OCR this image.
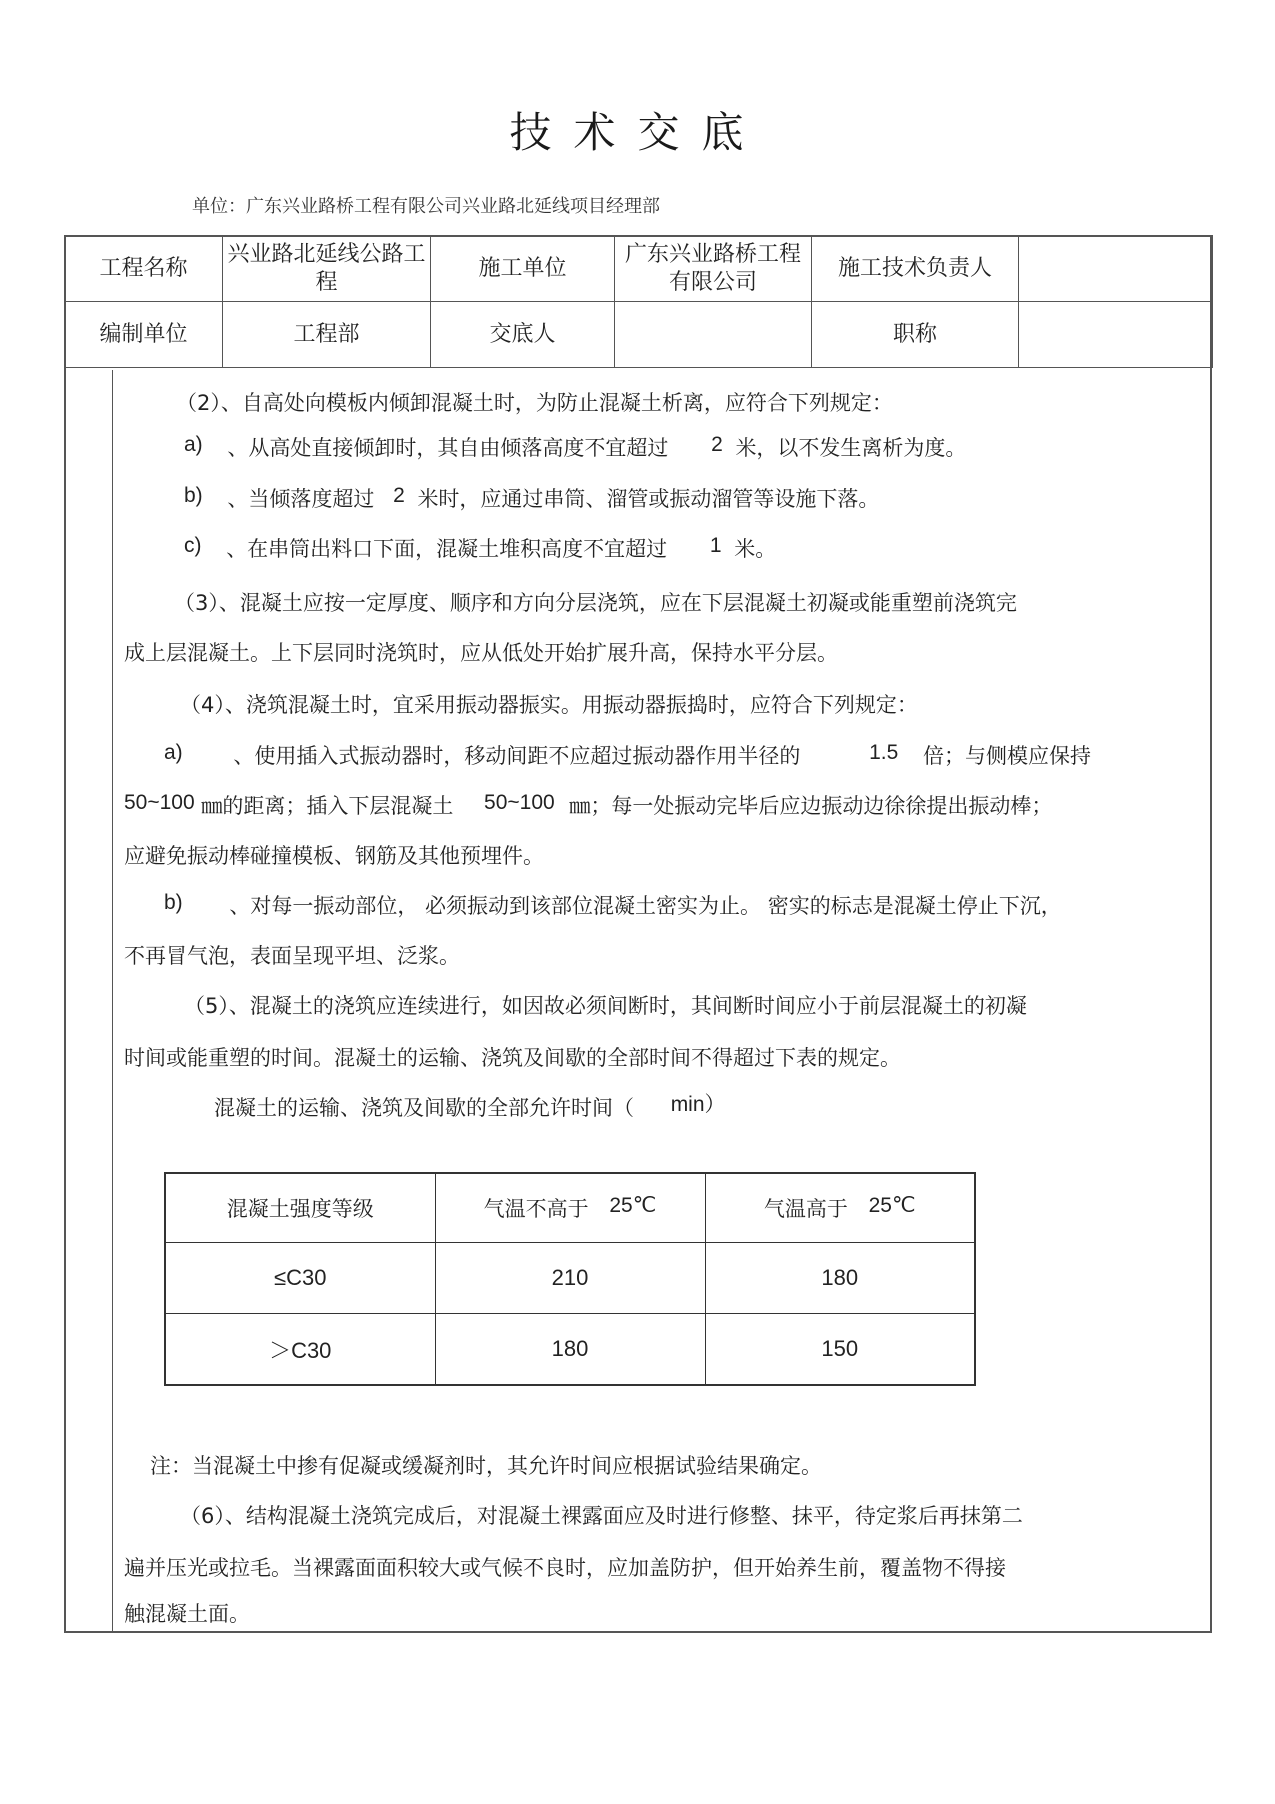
技术交底
单位：广东兴业路桥工程有限公司兴业路北延线项目经理部
工程名称	兴业路北延线公路工程	施工单位	广东兴业路桥工程有限公司	施工技术负责人	
编制单位	工程部	交底人		职称	
（2）、自高处向模板内倾卸混凝土时，为防止混凝土析离，应符合下列规定：
a) 、从高处直接倾卸时，其自由倾落高度不宜超过 2 米，以不发生离析为度。
b) 、当倾落度超过 2 米时，应通过串筒、溜管或振动溜管等设施下落。
c) 、在串筒出料口下面，混凝土堆积高度不宜超过 1 米。
（3）、混凝土应按一定厚度、顺序和方向分层浇筑，应在下层混凝土初凝或能重塑前浇筑完
成上层混凝土。上下层同时浇筑时，应从低处开始扩展升高，保持水平分层。
（4）、浇筑混凝土时，宜采用振动器振实。用振动器振捣时，应符合下列规定：
a) 、使用插入式振动器时，移动间距不应超过振动器作用半径的	1.5 倍；与侧模应保持
50~100 ㎜的距离；插入下层混凝土 50~100 ㎜；每一处振动完毕后应边振动边徐徐提出振动棒；
应避免振动棒碰撞模板、钢筋及其他预埋件。
b) 、对每一振动部位， 必须振动到该部位混凝土密实为止。 密实的标志是混凝土停止下沉，
不再冒气泡，表面呈现平坦、泛浆。
（5）、混凝土的浇筑应连续进行，如因故必须间断时，其间断时间应小于前层混凝土的初凝
时间或能重塑的时间。混凝土的运输、浇筑及间歇的全部时间不得超过下表的规定。
混凝土的运输、浇筑及间歇的全部允许时间（ min）
混凝土强度等级	气温不高于 25℃	气温高于 25℃
≤C30	210	180
＞C30	180	150
注：当混凝土中掺有促凝或缓凝剂时，其允许时间应根据试验结果确定。
（6）、结构混凝土浇筑完成后，对混凝土裸露面应及时进行修整、抹平，待定浆后再抹第二
遍并压光或拉毛。当裸露面面积较大或气候不良时，应加盖防护，但开始养生前，覆盖物不得接
触混凝土面。
